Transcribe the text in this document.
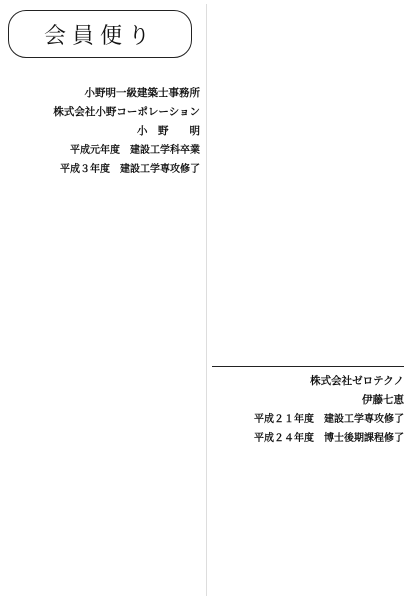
会員便り
小野明一級建築士事務所
株式会社小野コーポレーション
小　野　　明
平成元年度　建設工学科卒業
平成３年度　建設工学専攻修了

株式会社ゼロテクノ
伊藤七恵
平成２１年度　建設工学専攻修了
平成２４年度　博士後期課程修了
